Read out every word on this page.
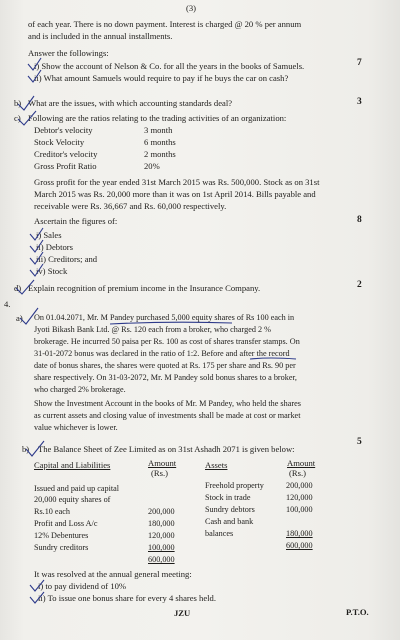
(3)
of each year. There is no down payment. Interest is charged @ 20 % per annum
and is included in the annual installments.
Answer the followings:
i) Show the account of Nelson & Co. for all the years in the books of Samuels.
ii) What amount Samuels would require to pay if he buys the car on cash?
7
b) What are the issues, with which accounting standards deal?	3
c) Following are the ratios relating to the trading activities of an organization:
Debtor's velocity	3 month
Stock Velocity	6 months
Creditor's velocity	2 months
Gross Profit Ratio	20%
Gross profit for the year ended 31st March 2015 was Rs. 500,000. Stock as on 31st
March 2015 was Rs. 20,000 more than it was on 1st April 2014. Bills payable and
receivable were Rs. 36,667 and Rs. 60,000 respectively.
Ascertain the figures of:
i) Sales
ii) Debtors
iii) Creditors; and
iv) Stock
8
d) Explain recognition of premium income in the Insurance Company.	2
4.
a) On 01.04.2071, Mr. M Pandey purchased 5,000 equity shares of Rs 100 each in
Jyoti Bikash Bank Ltd. @ Rs. 120 each from a broker, who charged 2 %
brokerage. He incurred 50 paisa per Rs. 100 as cost of shares transfer stamps. On
31-01-2072 bonus was declared in the ratio of 1:2. Before and after the record
date of bonus shares, the shares were quoted at Rs. 175 per share and Rs. 90 per
share respectively. On 31-03-2072, Mr. M Pandey sold bonus shares to a broker,
who charged 2% brokerage.
Show the Investment Account in the books of Mr. M Pandey, who held the shares
as current assets and closing value of investments shall be made at cost or market
value whichever is lower.
5
b) The Balance Sheet of Zee Limited as on 31st Ashadh 2071 is given below:
Capital and Liabilities	Amount
(Rs.)
Assets	Amount
(Rs.)
Issued and paid up capital
20,000 equity shares of
Rs.10 each	200,000
Profit and Loss A/c	180,000
12% Debentures	120,000
Sundry creditors	100,000
600,000
Freehold property	200,000
Stock in trade	120,000
Sundry debtors	100,000
Cash and bank
balances	180,000
600,000
It was resolved at the annual general meeting:
i) to pay dividend of 10%
ii) To issue one bonus share for every 4 shares held.
JZU	P.T.O.
